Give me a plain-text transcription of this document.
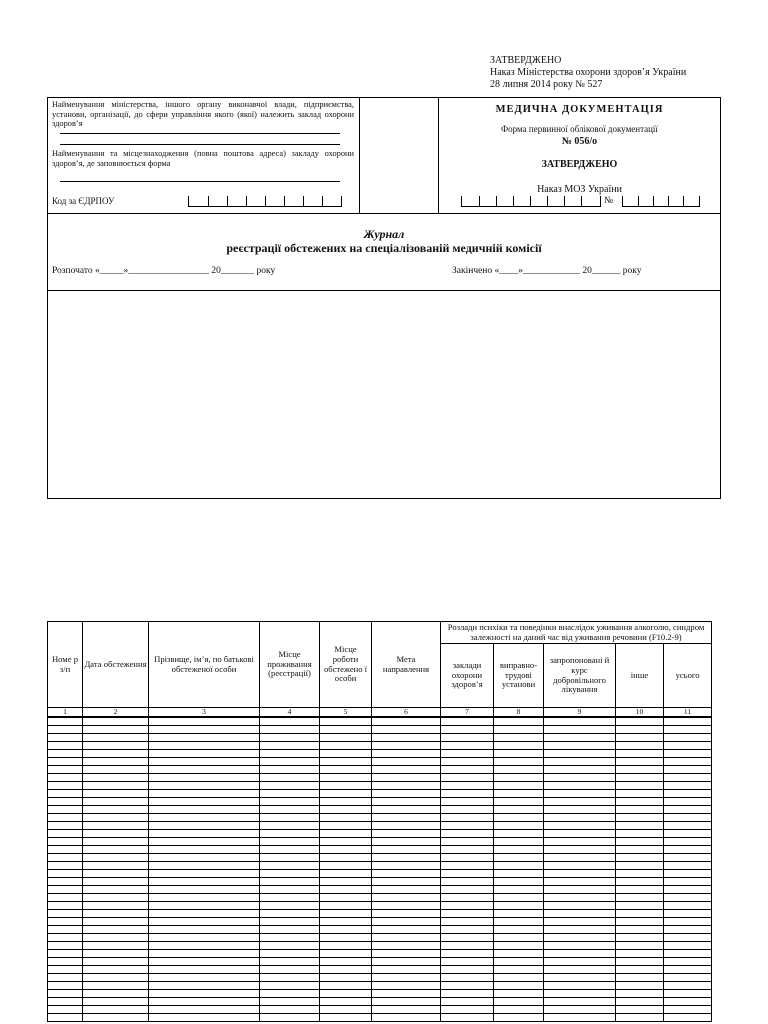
ЗАТВЕРДЖЕНО
Наказ Міністерства охорони здоров’я України
28 липня 2014 року № 527
Найменування міністерства, іншого органу виконавчої влади, підприємства, установи, організації, до сфери управління якого (якої) належить заклад охорони здоров’я
Найменування та місцезнаходження (повна поштова адреса) закладу охорони здоров’я, де заповнюється форма
Код за ЄДРПОУ
МЕДИЧНА ДОКУМЕНТАЦІЯ
Форма первинної облікової документації
№ 056/о
ЗАТВЕРДЖЕНО
Наказ МОЗ України
№
Журнал
реєстрації обстежених на спеціалізованій медичній комісії
Розпочато «_____»_________________ 20_______ року	Закінчено «____»____________ 20______ року
Номе р з/п	Дата обстеження	Прізвище, ім’я, по батькові обстеженої особи	Місце проживання (реєстрації)	Місце роботи обстежено ї особи	Мета направлення	Розлади психіки та поведінки внаслідок уживання алкоголю, синдром залежності на даний час від уживання речовини (F10.2-9)				
						заклади охорони здоров’я	виправно-трудові установи	запропоновані й курс добровільного лікування	інше	усього
1	2	3	4	5	6	7	8	9	10	11
